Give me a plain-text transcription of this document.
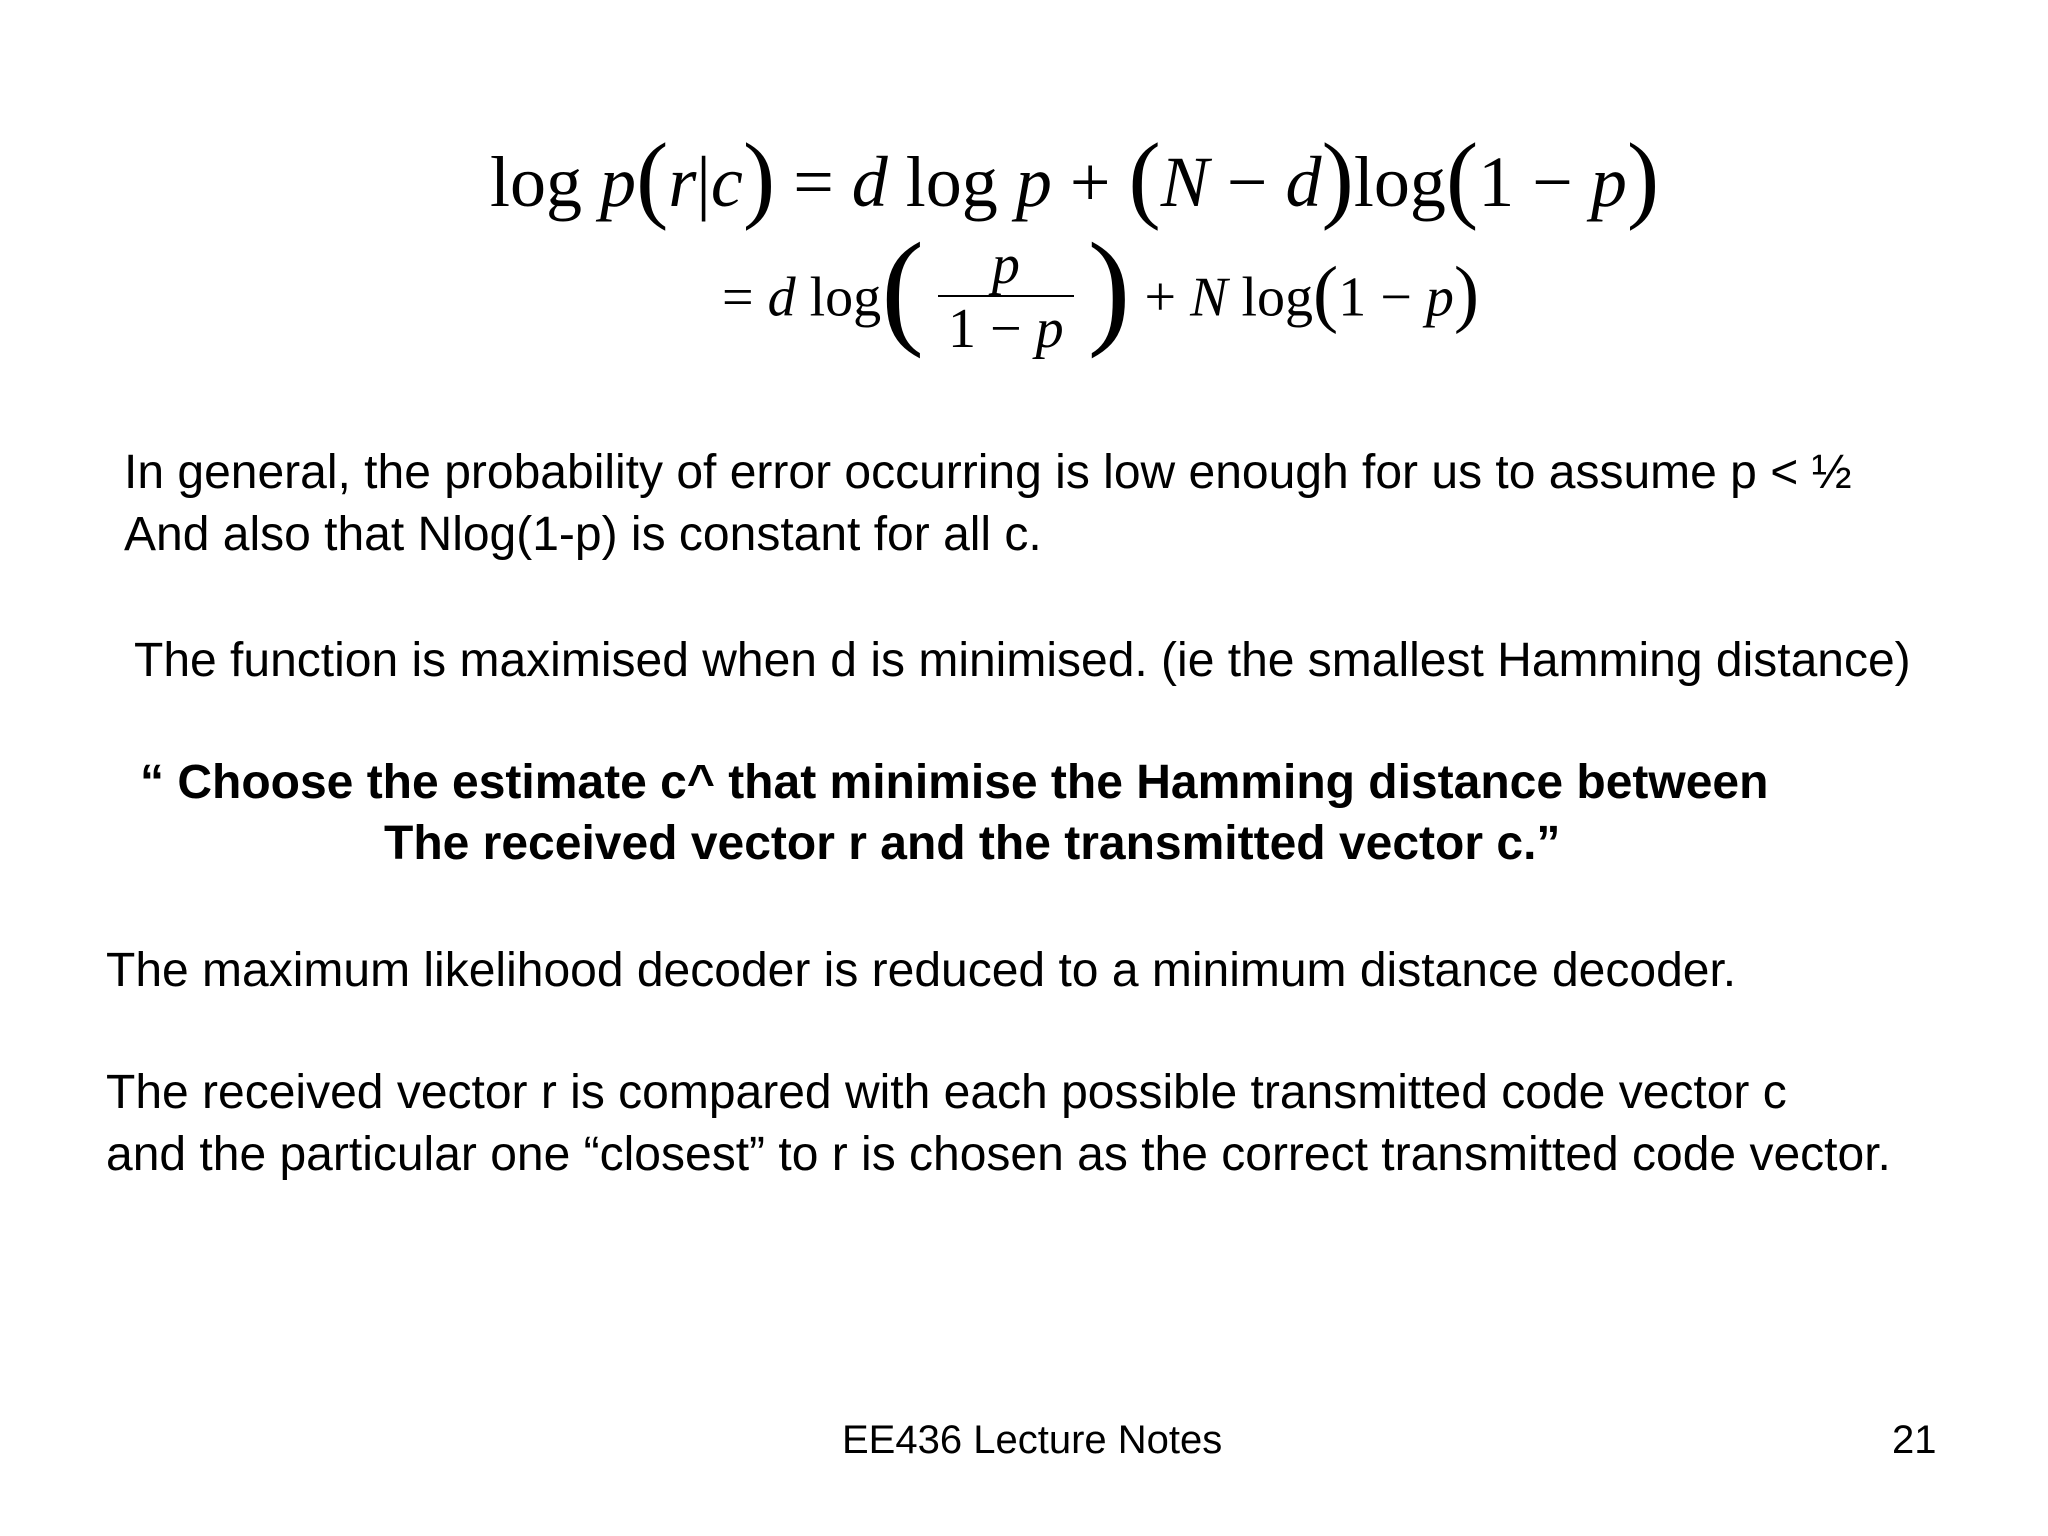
log p(r|c) = d log p + (N − d)log(1 − p)
= d $\log( \frac{p}{1 - p}$ ) + N log(1 − p)
In general, the probability of error occurring is low enough for us to assume p < ½
And also that Nlog(1-p) is constant for all c.
The function is maximised when d is minimised. (ie the smallest Hamming distance)
“ Choose the estimate c^ that minimise the Hamming distance between
The received vector r and the transmitted vector c.”
The maximum likelihood decoder is reduced to a minimum distance decoder.
The received vector r is compared with each possible transmitted code vector c
and the particular one “closest” to r is chosen as the correct transmitted code vector.
EE436 Lecture Notes	21
